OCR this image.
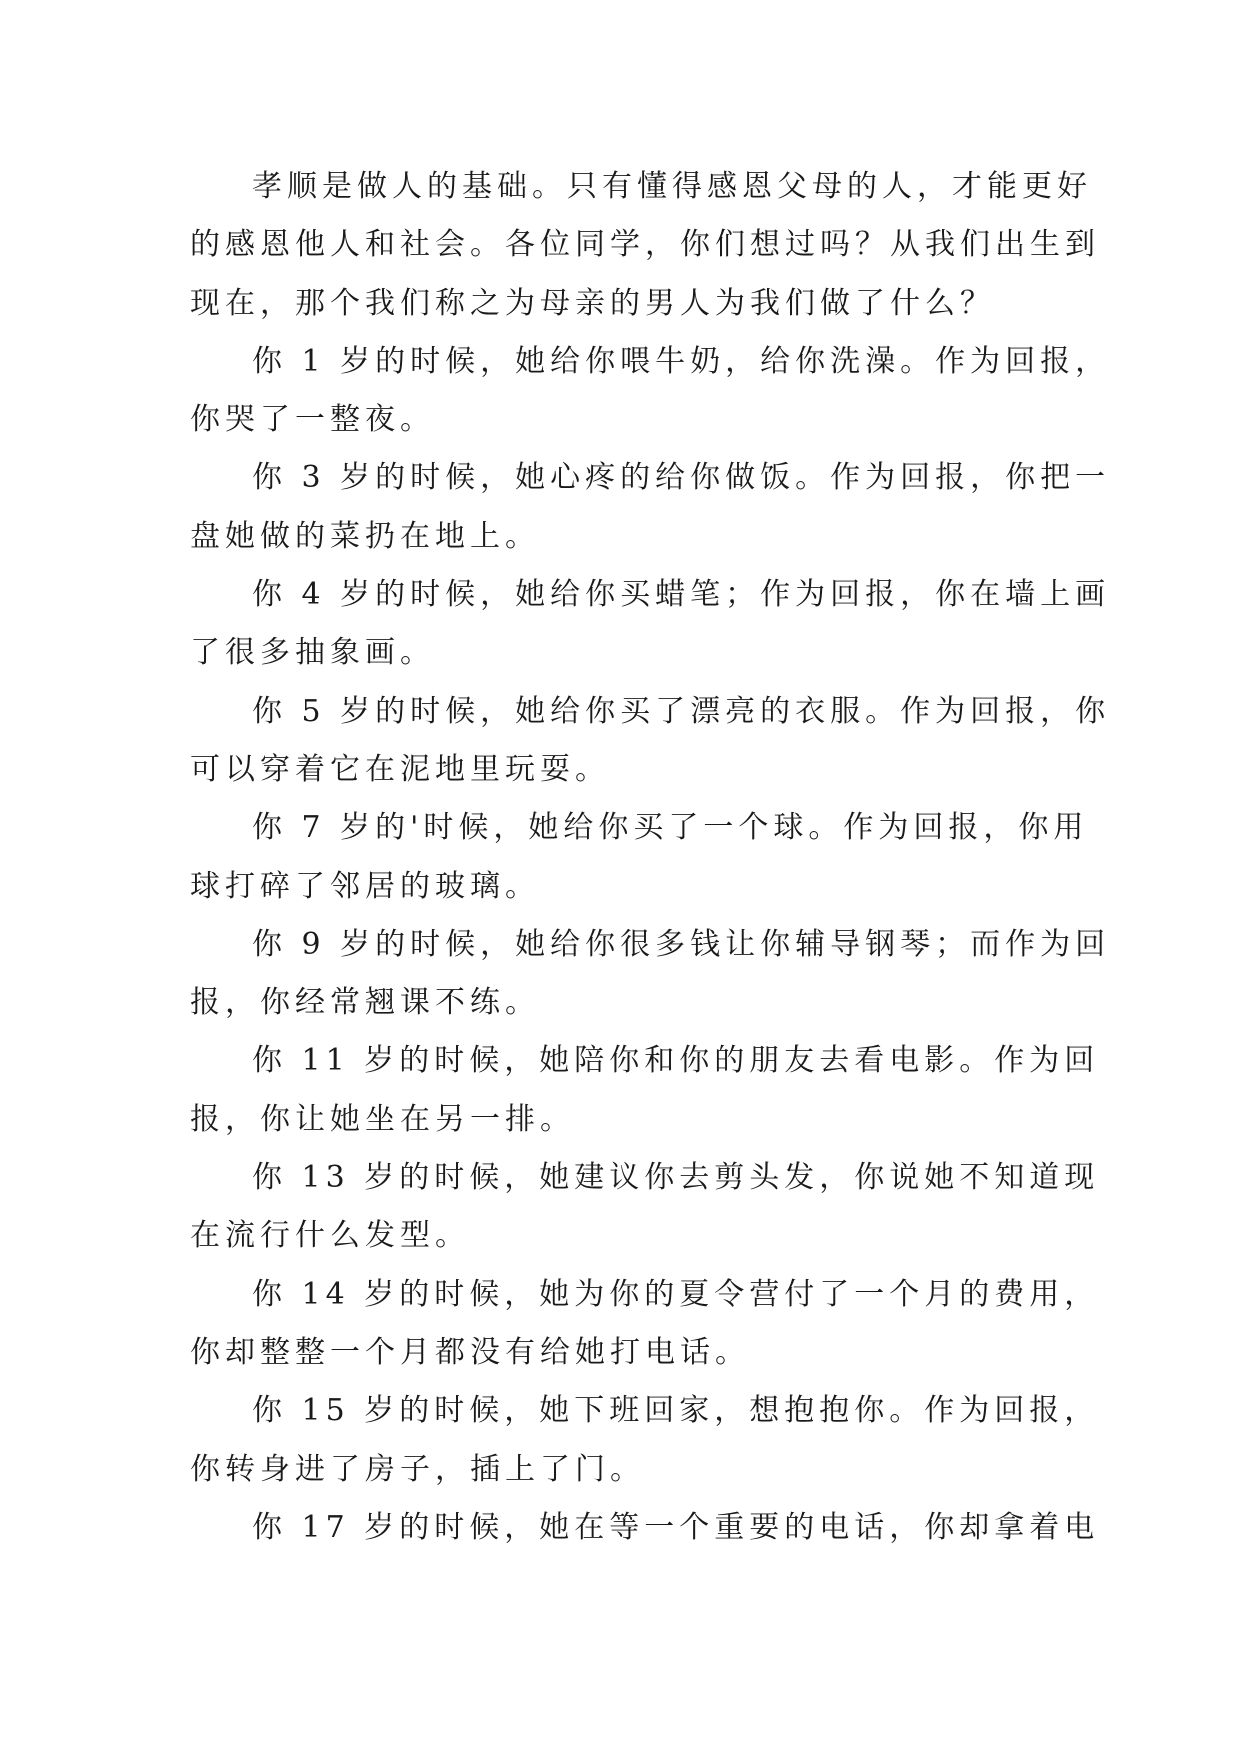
孝顺是做人的基础。只有懂得感恩父母的人，才能更好
的感恩他人和社会。各位同学，你们想过吗？从我们出生到
现在，那个我们称之为母亲的男人为我们做了什么？

你 1 岁的时候，她给你喂牛奶，给你洗澡。作为回报，
你哭了一整夜。

你 3 岁的时候，她心疼的给你做饭。作为回报，你把一
盘她做的菜扔在地上。

你 4 岁的时候，她给你买蜡笔；作为回报，你在墙上画
了很多抽象画。

你 5 岁的时候，她给你买了漂亮的衣服。作为回报，你
可以穿着它在泥地里玩耍。

你 7 岁的'时候，她给你买了一个球。作为回报，你用
球打碎了邻居的玻璃。

你 9 岁的时候，她给你很多钱让你辅导钢琴；而作为回
报，你经常翘课不练。

你 11 岁的时候，她陪你和你的朋友去看电影。作为回
报，你让她坐在另一排。

你 13 岁的时候，她建议你去剪头发，你说她不知道现
在流行什么发型。

你 14 岁的时候，她为你的夏令营付了一个月的费用，
你却整整一个月都没有给她打电话。

你 15 岁的时候，她下班回家，想抱抱你。作为回报，
你转身进了房子，插上了门。

你 17 岁的时候，她在等一个重要的电话，你却拿着电
